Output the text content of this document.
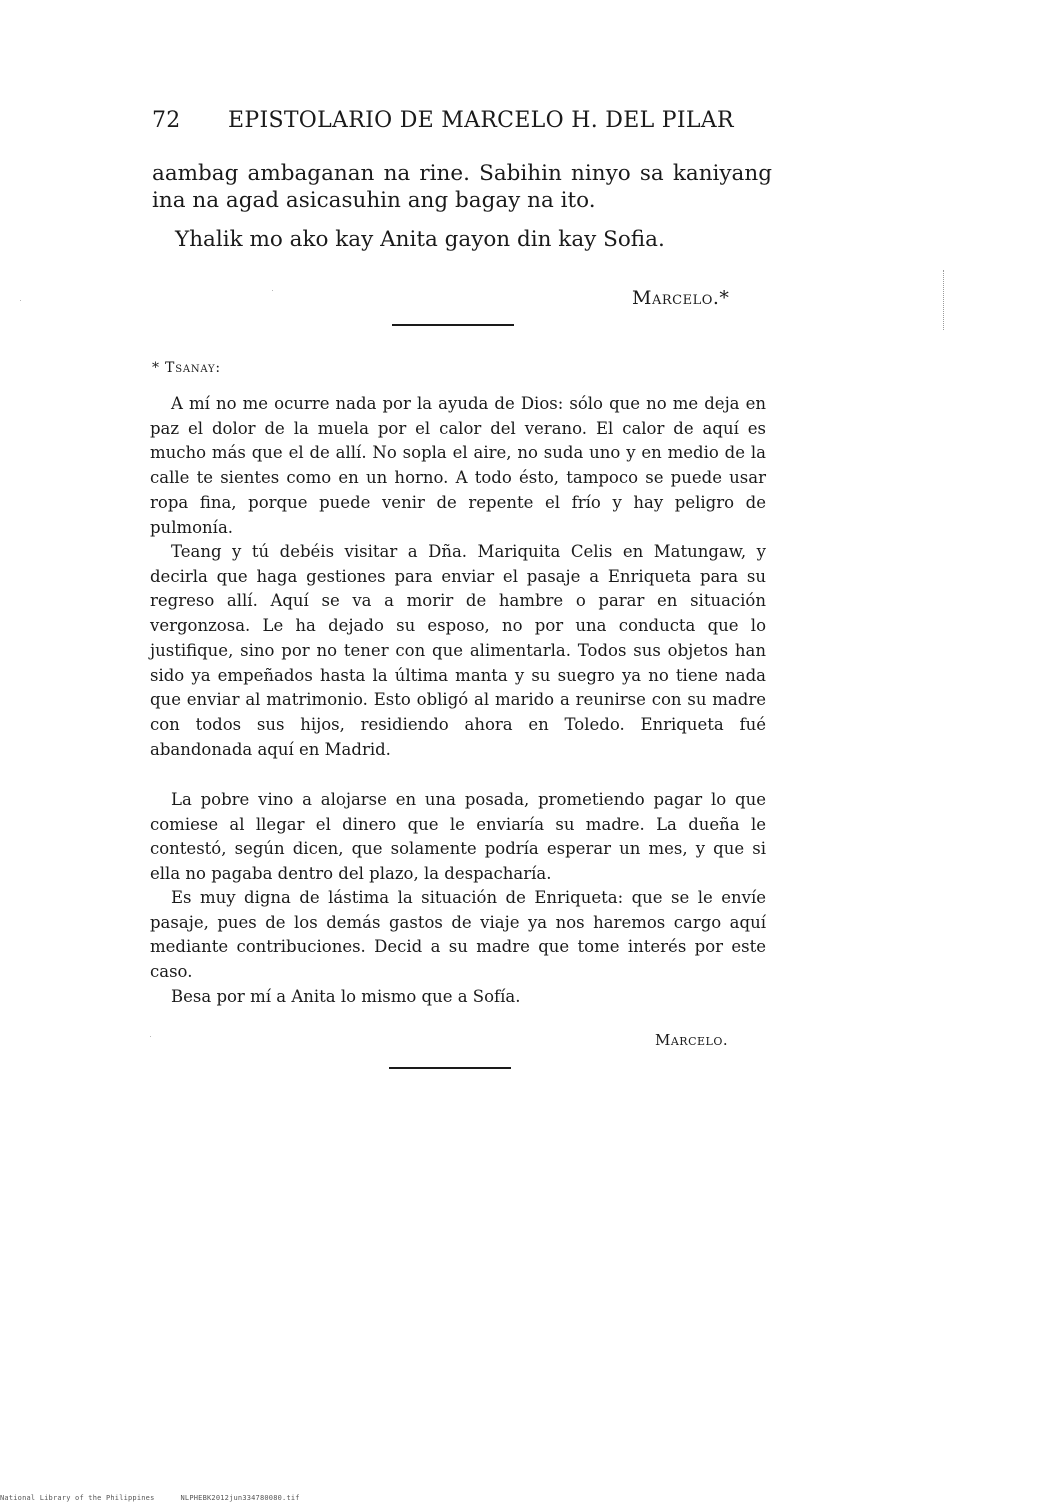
72 EPISTOLARIO DE MARCELO H. DEL PILAR

aambag ambaganan na rine. Sabihin ninyo sa kaniyang ina na agad asicasuhin ang bagay na ito.

Yhalik mo ako kay Anita gayon din kay Sofia.

Marcelo.*
* Tsanay:

A mí no me ocurre nada por la ayuda de Dios: sólo que no me deja en paz el dolor de la muela por el calor del verano. El calor de aquí es mucho más que el de allí. No sopla el aire, no suda uno y en medio de la calle te sientes como en un horno. A todo ésto, tampoco se puede usar ropa fina, porque puede venir de repente el frío y hay peligro de pulmonía.

Teang y tú debéis visitar a Dña. Mariquita Celis en Matungaw, y decirla que haga gestiones para enviar el pasaje a Enriqueta para su regreso allí. Aquí se va a morir de hambre o parar en situación vergonzosa. Le ha dejado su esposo, no por una conducta que lo justifique, sino por no tener con que alimentarla. Todos sus objetos han sido ya empeñados hasta la última manta y su suegro ya no tiene nada que enviar al matrimonio. Esto obligó al marido a reunirse con su madre con todos sus hijos, residiendo ahora en Toledo. Enriqueta fué abandonada aquí en Madrid.

La pobre vino a alojarse en una posada, prometiendo pagar lo que comiese al llegar el dinero que le enviaría su madre. La dueña le contestó, según dicen, que solamente podría esperar un mes, y que si ella no pagaba dentro del plazo, la despacharía.

Es muy digna de lástima la situación de Enriqueta: que se le envíe pasaje, pues de los demás gastos de viaje ya nos haremos cargo aquí mediante contribuciones. Decid a su madre que tome interés por este caso.

Besa por mí a Anita lo mismo que a Sofía.

Marcelo.
National Library of the Philippines	NLPHEBK2012jun334780080.tif
